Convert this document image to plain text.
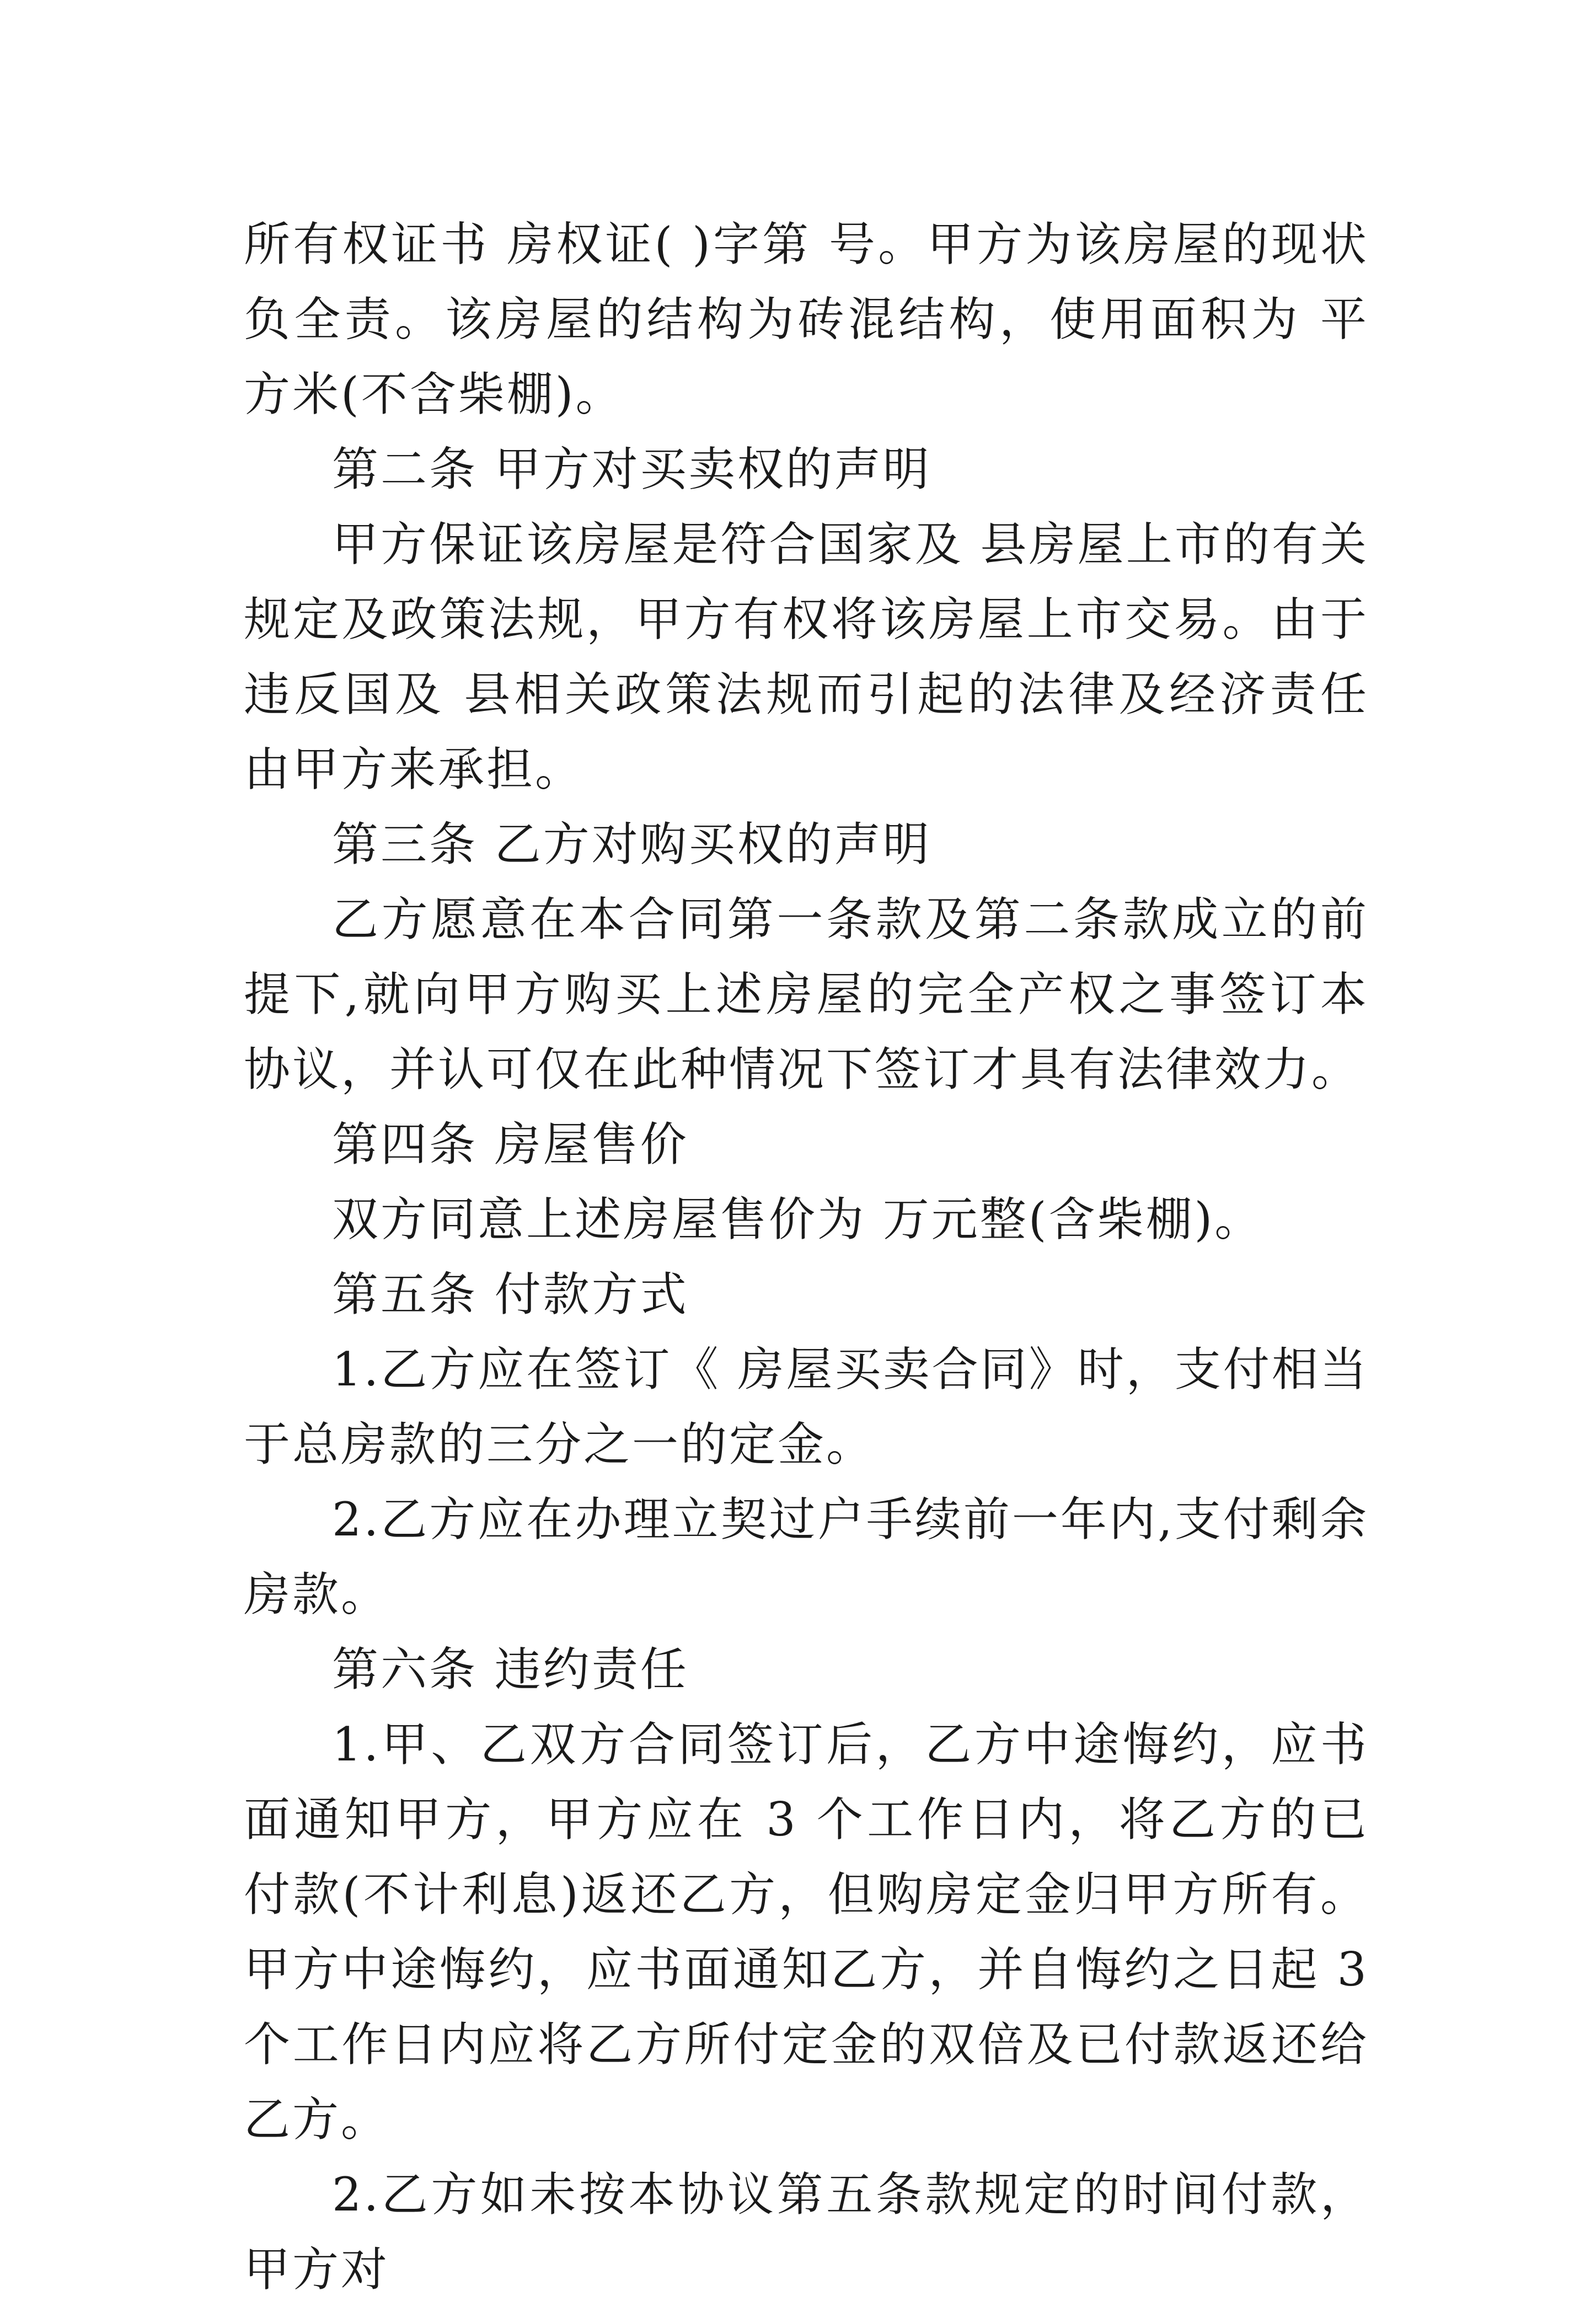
所有权证书 房权证( )字第 号。甲方为该房屋的现状负全责。该房屋的结构为砖混结构，使用面积为 平方米(不含柴棚)。

第二条 甲方对买卖权的声明

甲方保证该房屋是符合国家及 县房屋上市的有关规定及政策法规，甲方有权将该房屋上市交易。由于违反国及 县相关政策法规而引起的法律及经济责任由甲方来承担。

第三条 乙方对购买权的声明

乙方愿意在本合同第一条款及第二条款成立的前提下,就向甲方购买上述房屋的完全产权之事签订本协议，并认可仅在此种情况下签订才具有法律效力。

第四条 房屋售价

双方同意上述房屋售价为 万元整(含柴棚)。

第五条 付款方式

1.乙方应在签订《 房屋买卖合同》时，支付相当于总房款的三分之一的定金。

2.乙方应在办理立契过户手续前一年内,支付剩余房款。

第六条 违约责任

1.甲、乙双方合同签订后，乙方中途悔约，应书面通知甲方，甲方应在 3 个工作日内，将乙方的已付款(不计利息)返还乙方，但购房定金归甲方所有。甲方中途悔约，应书面通知乙方，并自悔约之日起 3 个工作日内应将乙方所付定金的双倍及已付款返还给乙方。

2.乙方如未按本协议第五条款规定的时间付款，甲方对
